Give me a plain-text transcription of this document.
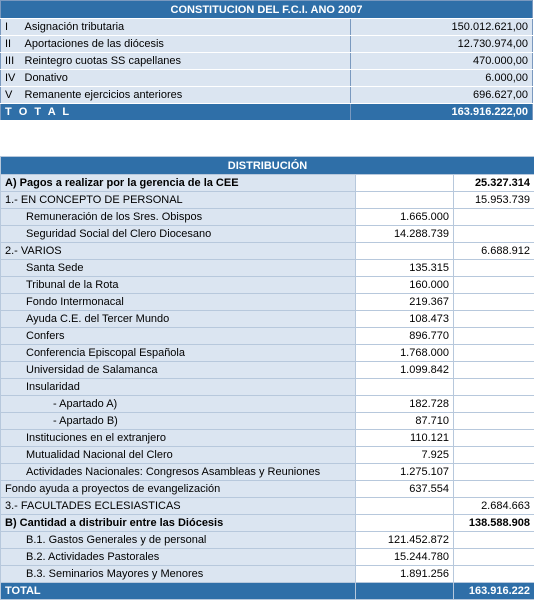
CONSTITUCION DEL F.C.I. ANO 2007		
I	Asignación tributaria	150.012.621,00
II	Aportaciones de las diócesis	12.730.974,00
III	Reintegro cuotas SS capellanes	470.000,00
IV	Donativo	6.000,00
V	Remanente ejercicios anteriores	696.627,00
T O T A L		163.916.222,00
DISTRIBUCIÓN		
A) Pagos a realizar por la gerencia de la CEE		25.327.314
1.- EN CONCEPTO DE PERSONAL		15.953.739
Remuneración de los Sres. Obispos	1.665.000	
Seguridad Social del Clero Diocesano	14.288.739	
2.- VARIOS		6.688.912
Santa Sede	135.315	
Tribunal de la Rota	160.000	
Fondo Intermonacal	219.367	
Ayuda C.E. del Tercer Mundo	108.473	
Confers	896.770	
Conferencia Episcopal Española	1.768.000	
Universidad de Salamanca	1.099.842	
Insularidad		
- Apartado A)	182.728	
- Apartado B)	87.710	
Instituciones en el extranjero	110.121	
Mutualidad Nacional del Clero	7.925	
Actividades Nacionales: Congresos Asambleas y Reuniones	1.275.107	
Fondo ayuda a proyectos de evangelización	637.554	
3.- FACULTADES ECLESIASTICAS		2.684.663
B) Cantidad a distribuir entre las Diócesis		138.588.908
B.1. Gastos Generales y de personal	121.452.872	
B.2. Actividades Pastorales	15.244.780	
B.3. Seminarios Mayores y Menores	1.891.256	
TOTAL		163.916.222
